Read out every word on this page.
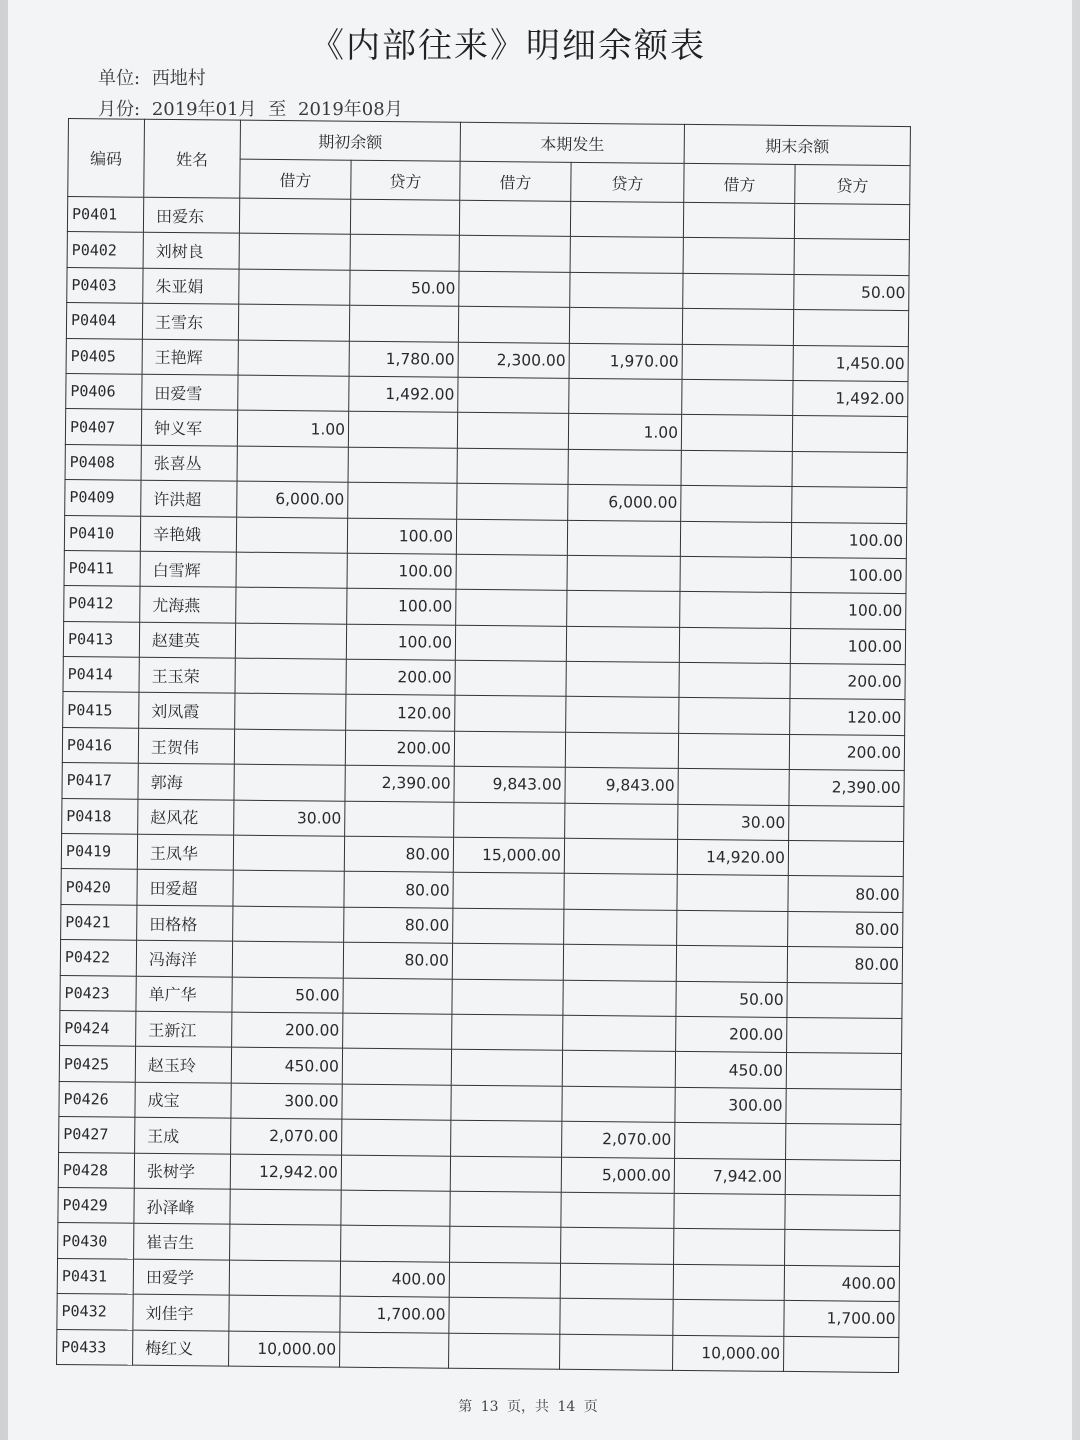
《内部往来》明细余额表
单位: 西地村
月份: 2019年01月 至 2019年08月
编码	姓名	期初余额		本期发生		期末余额	
		借方	贷方	借方	贷方	借方	贷方
P0401	田爱东						
P0402	刘树良						
P0403	朱亚娟		50.00				50.00
P0404	王雪东						
P0405	王艳辉		1,780.00	2,300.00	1,970.00		1,450.00
P0406	田爱雪		1,492.00				1,492.00
P0407	钟义军	1.00			1.00		
P0408	张喜丛						
P0409	许洪超	6,000.00			6,000.00		
P0410	辛艳娥		100.00				100.00
P0411	白雪辉		100.00				100.00
P0412	尤海燕		100.00				100.00
P0413	赵建英		100.00				100.00
P0414	王玉荣		200.00				200.00
P0415	刘凤霞		120.00				120.00
P0416	王贺伟		200.00				200.00
P0417	郭海		2,390.00	9,843.00	9,843.00		2,390.00
P0418	赵风花	30.00				30.00	
P0419	王凤华		80.00	15,000.00		14,920.00	
P0420	田爱超		80.00				80.00
P0421	田格格		80.00				80.00
P0422	冯海洋		80.00				80.00
P0423	单广华	50.00				50.00	
P0424	王新江	200.00				200.00	
P0425	赵玉玲	450.00				450.00	
P0426	成宝	300.00				300.00	
P0427	王成	2,070.00			2,070.00		
P0428	张树学	12,942.00			5,000.00	7,942.00	
P0429	孙泽峰						
P0430	崔吉生						
P0431	田爱学		400.00				400.00
P0432	刘佳宇		1,700.00				1,700.00
P0433	梅红义	10,000.00				10,000.00	
第 13 页，共 14 页
